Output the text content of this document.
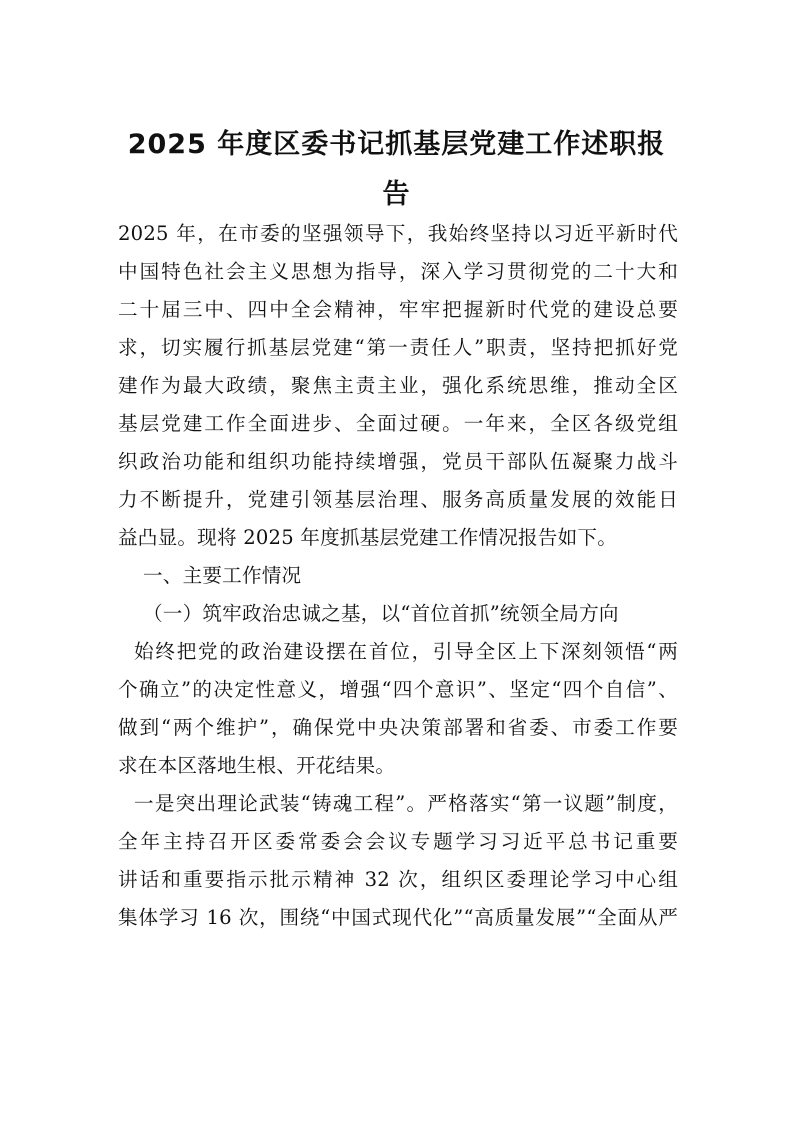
2025 年度区委书记抓基层党建工作述职报
告
2025 年，在市委的坚强领导下，我始终坚持以习近平新时代
中国特色社会主义思想为指导，深入学习贯彻党的二十大和
二十届三中、四中全会精神，牢牢把握新时代党的建设总要
求，切实履行抓基层党建“第一责任人”职责，坚持把抓好党
建作为最大政绩，聚焦主责主业，强化系统思维，推动全区
基层党建工作全面进步、全面过硬。一年来，全区各级党组
织政治功能和组织功能持续增强，党员干部队伍凝聚力战斗
力不断提升，党建引领基层治理、服务高质量发展的效能日
益凸显。现将 2025 年度抓基层党建工作情况报告如下。
一、主要工作情况
（一）筑牢政治忠诚之基，以“首位首抓”统领全局方向
始终把党的政治建设摆在首位，引导全区上下深刻领悟“两
个确立”的决定性意义，增强“四个意识”、坚定“四个自信”、
做到“两个维护”，确保党中央决策部署和省委、市委工作要
求在本区落地生根、开花结果。
一是突出理论武装“铸魂工程”。严格落实“第一议题”制度，
全年主持召开区委常委会会议专题学习习近平总书记重要
讲话和重要指示批示精神 32 次，组织区委理论学习中心组
集体学习 16 次，围绕“中国式现代化”“高质量发展”“全面从严
